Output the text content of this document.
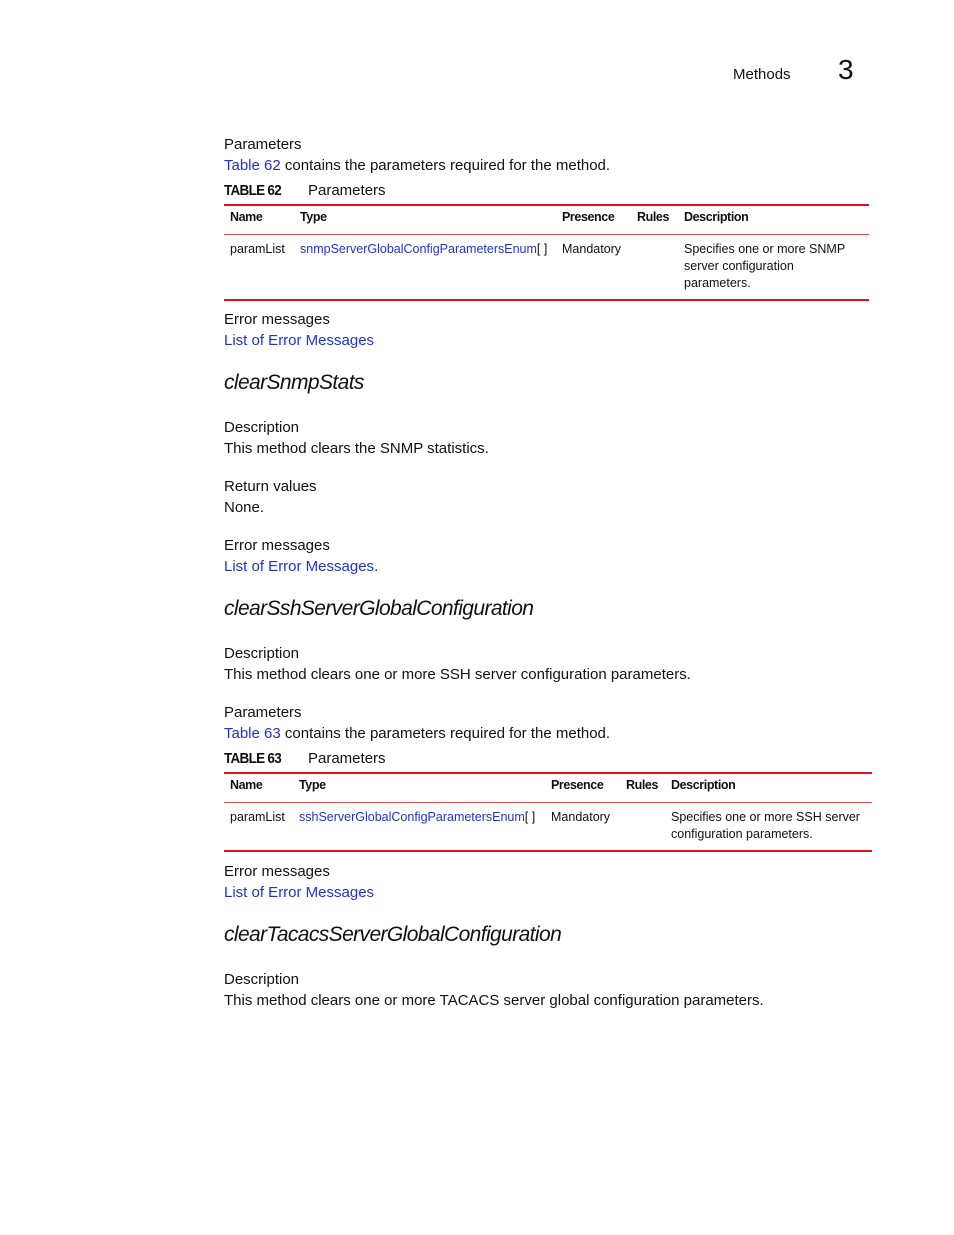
Methods 3
Parameters
Table 62 contains the parameters required for the method.
TABLE 62 Parameters
Name	Type	Presence	Rules	Description
paramList	snmpServerGlobalConfigParametersEnum[ ]	Mandatory		Specifies one or more SNMP server configuration parameters.
Error messages
List of Error Messages
clearSnmpStats
Description
This method clears the SNMP statistics.
Return values
None.
Error messages
List of Error Messages.
clearSshServerGlobalConfiguration
Description
This method clears one or more SSH server configuration parameters.
Parameters
Table 63 contains the parameters required for the method.
TABLE 63 Parameters
Name	Type	Presence	Rules	Description
paramList	sshServerGlobalConfigParametersEnum[ ]	Mandatory		Specifies one or more SSH server configuration parameters.
Error messages
List of Error Messages
clearTacacsServerGlobalConfiguration
Description
This method clears one or more TACACS server global configuration parameters.
